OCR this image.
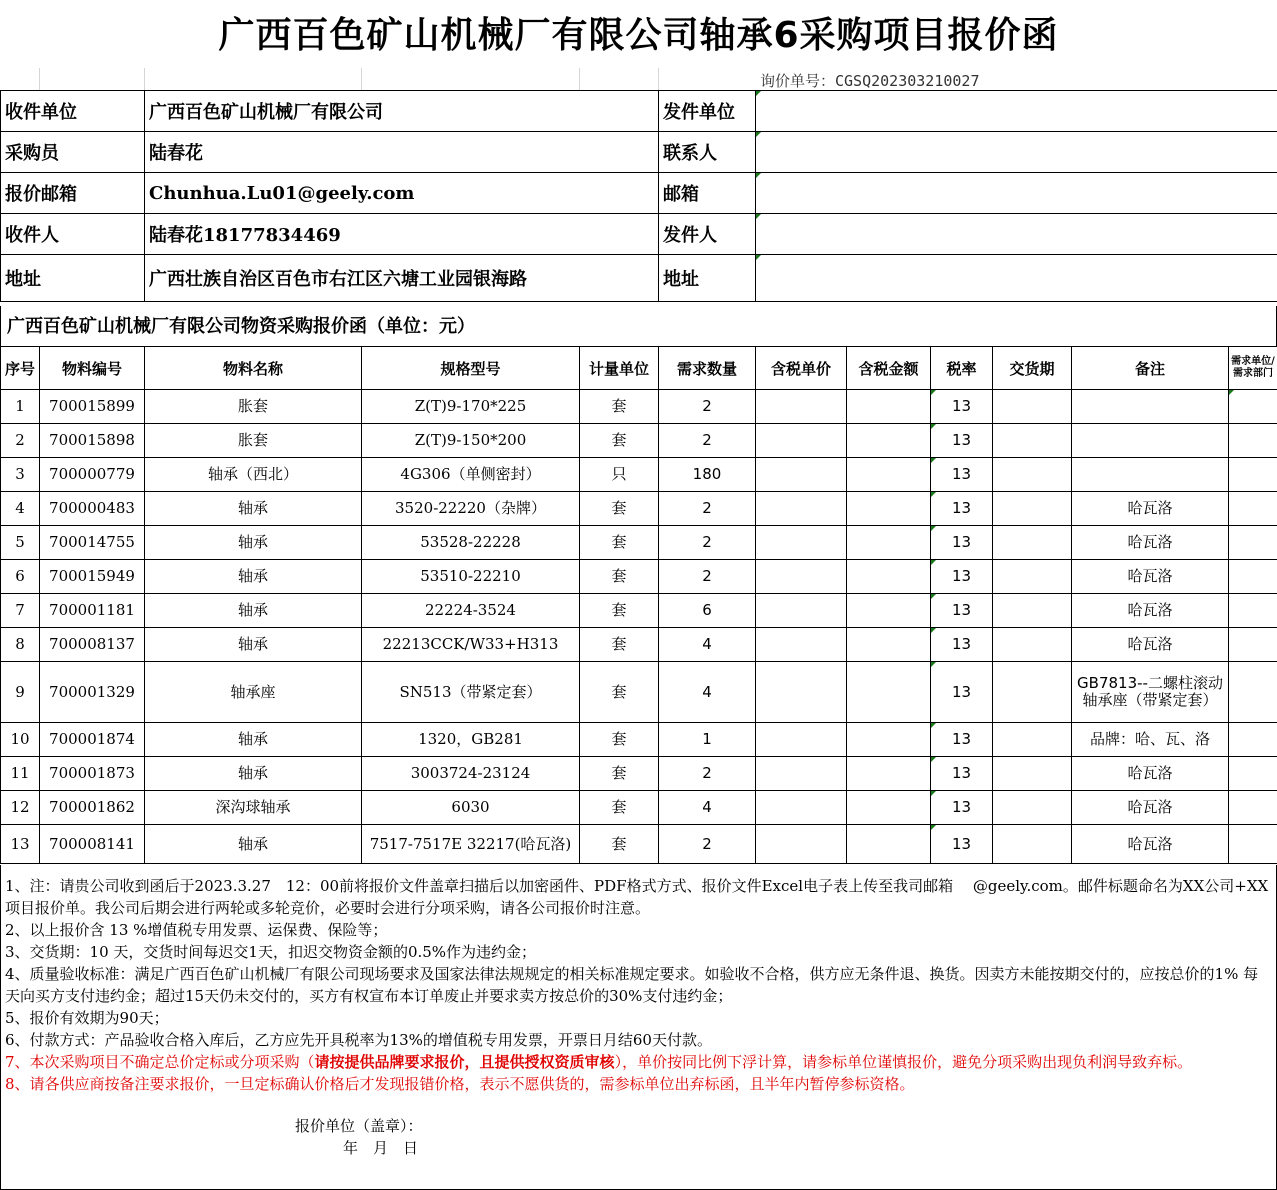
广西百色矿山机械厂有限公司轴承6采购项目报价函
询价单号：CGSQ202303210027
收件单位	广西百色矿山机械厂有限公司	发件单位	

采购员	陆春花	联系人	

报价邮箱	Chunhua.Lu01@geely.com	邮箱	

收件人	陆春花18177834469	发件人	

地址	广西壮族自治区百色市右江区六塘工业园银海路	地址	
广西百色矿山机械厂有限公司物资采购报价函（单位：元）
序号	物料编号	物料名称	规格型号	计量单位	需求数量	含税单价	含税金额	税率	交货期	备注	需求单位/需求部门
1	700015899	胀套	Z(T)9-170*225	套	2			13			

2	700015898	胀套	Z(T)9-150*200	套	2			13			
3	700000779	轴承（西北）	4G306（单侧密封）	只	180			13			
4	700000483	轴承	3520-22220（杂牌）	套	2			13		哈瓦洛	
5	700014755	轴承	53528-22228	套	2			13		哈瓦洛	
6	700015949	轴承	53510-22210	套	2			13		哈瓦洛	
7	700001181	轴承	22224-3524	套	6			13		哈瓦洛	
8	700008137	轴承	22213CCK/W33+H313	套	4			13		哈瓦洛	
9	700001329	轴承座	SN513（带紧定套）	套	4			13		GB7813--二螺柱滚动轴承座（带紧定套）	
10	700001874	轴承	1320，GB281	套	1			13		品牌：哈、瓦、洛	
11	700001873	轴承	3003724-23124	套	2			13		哈瓦洛	
12	700001862	深沟球轴承	6030	套	4			13		哈瓦洛	
13	700008141	轴承	7517-7517E 32217(哈瓦洛)	套	2			13		哈瓦洛	

1、注：请贵公司收到函后于2023.3.27　12：00前将报价文件盖章扫描后以加密函件、PDF格式方式、报价文件Excel电子表上传至我司邮箱　 @geely.com。邮件标题命名为XX公司+XX项目报价单。我公司后期会进行两轮或多轮竞价，必要时会进行分项采购，请各公司报价时注意。

2、以上报价含 13 %增值税专用发票、运保费、保险等；

3、交货期：10 天，交货时间每迟交1天，扣迟交物资金额的0.5%作为违约金；

4、质量验收标准：满足广西百色矿山机械厂有限公司现场要求及国家法律法规规定的相关标准规定要求。如验收不合格，供方应无条件退、换货。因卖方未能按期交付的，应按总价的1% 每天向买方支付违约金；超过15天仍未交付的，买方有权宣布本订单废止并要求卖方按总价的30%支付违约金；

5、报价有效期为90天；

6、付款方式：产品验收合格入库后，乙方应先开具税率为13%的增值税专用发票，开票日月结60天付款。

7、本次采购项目不确定总价定标或分项采购（请按提供品牌要求报价，且提供授权资质审核），单价按同比例下浮计算，请参标单位谨慎报价，避免分项采购出现负利润导致弃标。

8、请各供应商按备注要求报价，一旦定标确认价格后才发现报错价格，表示不愿供货的，需参标单位出弃标函，且半年内暂停参标资格。

报价单位（盖章）：

年　月　日
